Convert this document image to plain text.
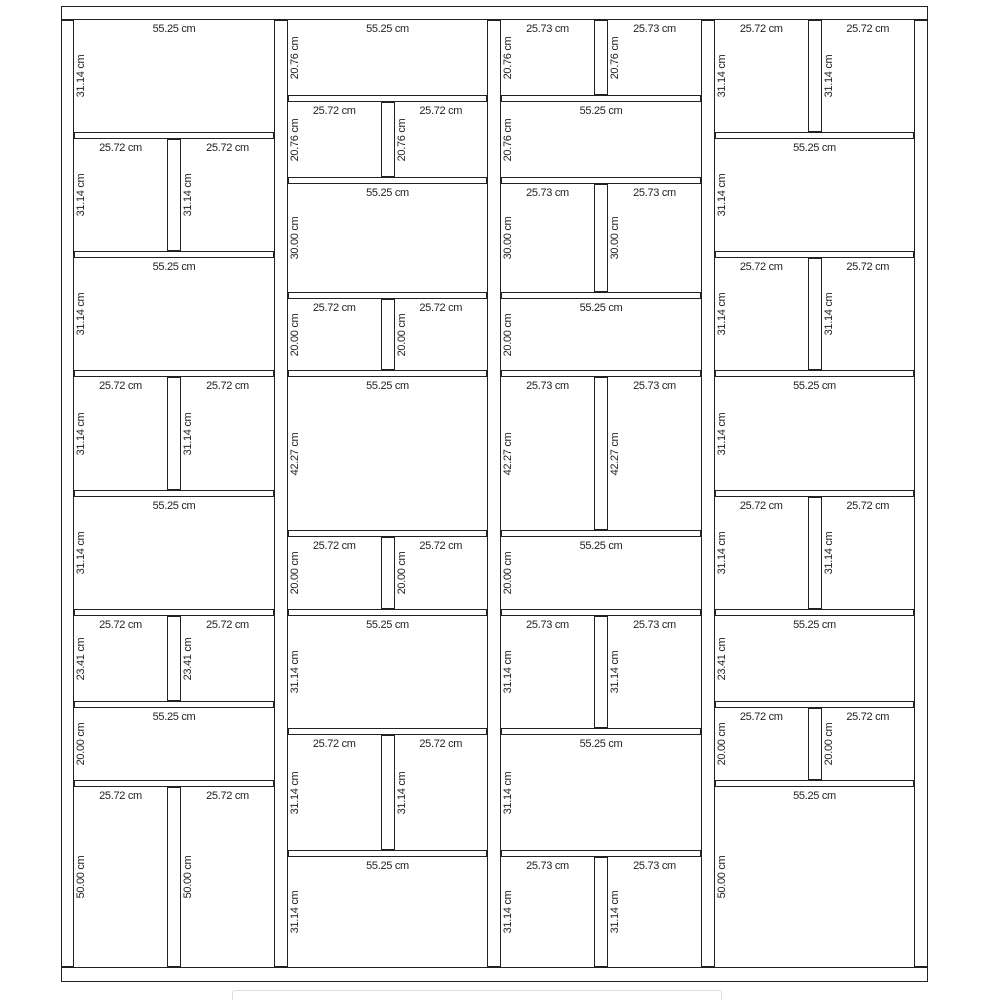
55.25 cm
31.14 cm
25.72 cm
31.14 cm
25.72 cm
31.14 cm
55.25 cm
31.14 cm
25.72 cm
31.14 cm
25.72 cm
31.14 cm
55.25 cm
31.14 cm
25.72 cm
23.41 cm
25.72 cm
23.41 cm
55.25 cm
20.00 cm
25.72 cm
50.00 cm
25.72 cm
50.00 cm
55.25 cm
20.76 cm
25.72 cm
20.76 cm
25.72 cm
20.76 cm
55.25 cm
30.00 cm
25.72 cm
20.00 cm
25.72 cm
20.00 cm
55.25 cm
42.27 cm
25.72 cm
20.00 cm
25.72 cm
20.00 cm
55.25 cm
31.14 cm
25.72 cm
31.14 cm
25.72 cm
31.14 cm
55.25 cm
31.14 cm
25.73 cm
20.76 cm
25.73 cm
20.76 cm
55.25 cm
20.76 cm
25.73 cm
30.00 cm
25.73 cm
30.00 cm
55.25 cm
20.00 cm
25.73 cm
42.27 cm
25.73 cm
42.27 cm
55.25 cm
20.00 cm
25.73 cm
31.14 cm
25.73 cm
31.14 cm
55.25 cm
31.14 cm
25.73 cm
31.14 cm
25.73 cm
31.14 cm
25.72 cm
31.14 cm
25.72 cm
31.14 cm
55.25 cm
31.14 cm
25.72 cm
31.14 cm
25.72 cm
31.14 cm
55.25 cm
31.14 cm
25.72 cm
31.14 cm
25.72 cm
31.14 cm
55.25 cm
23.41 cm
25.72 cm
20.00 cm
25.72 cm
20.00 cm
55.25 cm
50.00 cm
